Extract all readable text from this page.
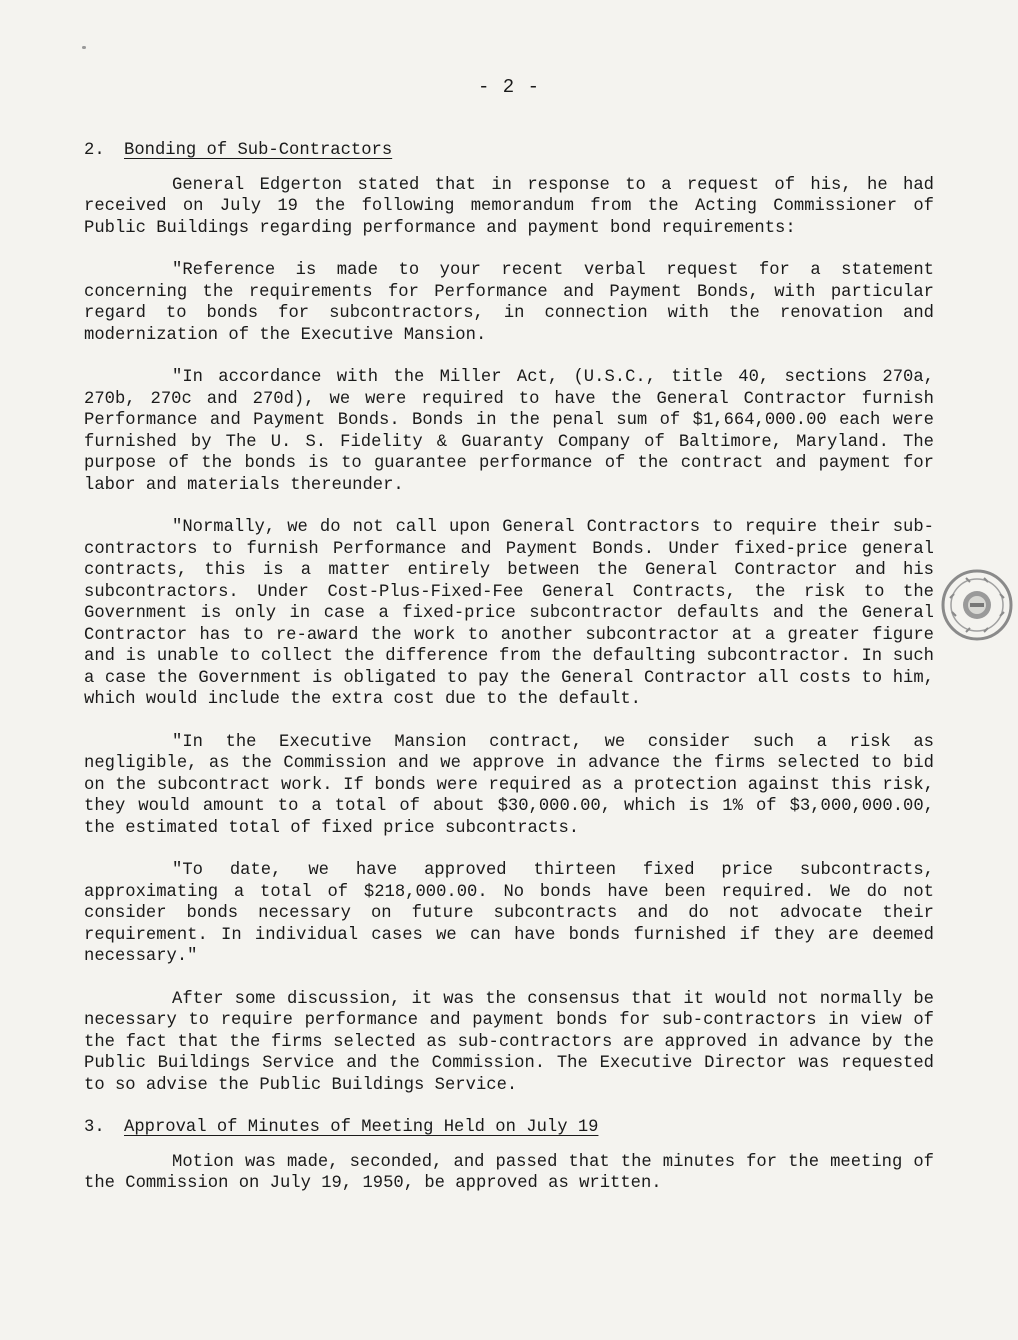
- 2 -
2. Bonding of Sub-Contractors

General Edgerton stated that in response to a request of his, he had received on July 19 the following memorandum from the Acting Commissioner of Public Buildings regarding performance and payment bond requirements:

"Reference is made to your recent verbal request for a statement concerning the requirements for Performance and Payment Bonds, with particular regard to bonds for subcontractors, in connection with the renovation and modernization of the Executive Mansion.

"In accordance with the Miller Act, (U.S.C., title 40, sections 270a, 270b, 270c and 270d), we were required to have the General Contractor furnish Performance and Payment Bonds. Bonds in the penal sum of $1,664,000.00 each were furnished by The U. S. Fidelity & Guaranty Company of Baltimore, Maryland. The purpose of the bonds is to guarantee performance of the contract and payment for labor and materials thereunder.

"Normally, we do not call upon General Contractors to require their sub-contractors to furnish Performance and Payment Bonds. Under fixed-price general contracts, this is a matter entirely between the General Contractor and his subcontractors. Under Cost-Plus-Fixed-Fee General Contracts, the risk to the Government is only in case a fixed-price subcontractor defaults and the General Contractor has to re-award the work to another subcontractor at a greater figure and is unable to collect the difference from the defaulting subcontractor. In such a case the Government is obligated to pay the General Contractor all costs to him, which would include the extra cost due to the default.

"In the Executive Mansion contract, we consider such a risk as negligible, as the Commission and we approve in advance the firms selected to bid on the subcontract work. If bonds were required as a protection against this risk, they would amount to a total of about $30,000.00, which is 1% of $3,000,000.00, the estimated total of fixed price subcontracts.

"To date, we have approved thirteen fixed price subcontracts, approximating a total of $218,000.00. No bonds have been required. We do not consider bonds necessary on future subcontracts and do not advocate their requirement. In individual cases we can have bonds furnished if they are deemed necessary."

After some discussion, it was the consensus that it would not normally be necessary to require performance and payment bonds for sub-contractors in view of the fact that the firms selected as sub-contractors are approved in advance by the Public Buildings Service and the Commission. The Executive Director was requested to so advise the Public Buildings Service.

3. Approval of Minutes of Meeting Held on July 19

Motion was made, seconded, and passed that the minutes for the meeting of the Commission on July 19, 1950, be approved as written.
